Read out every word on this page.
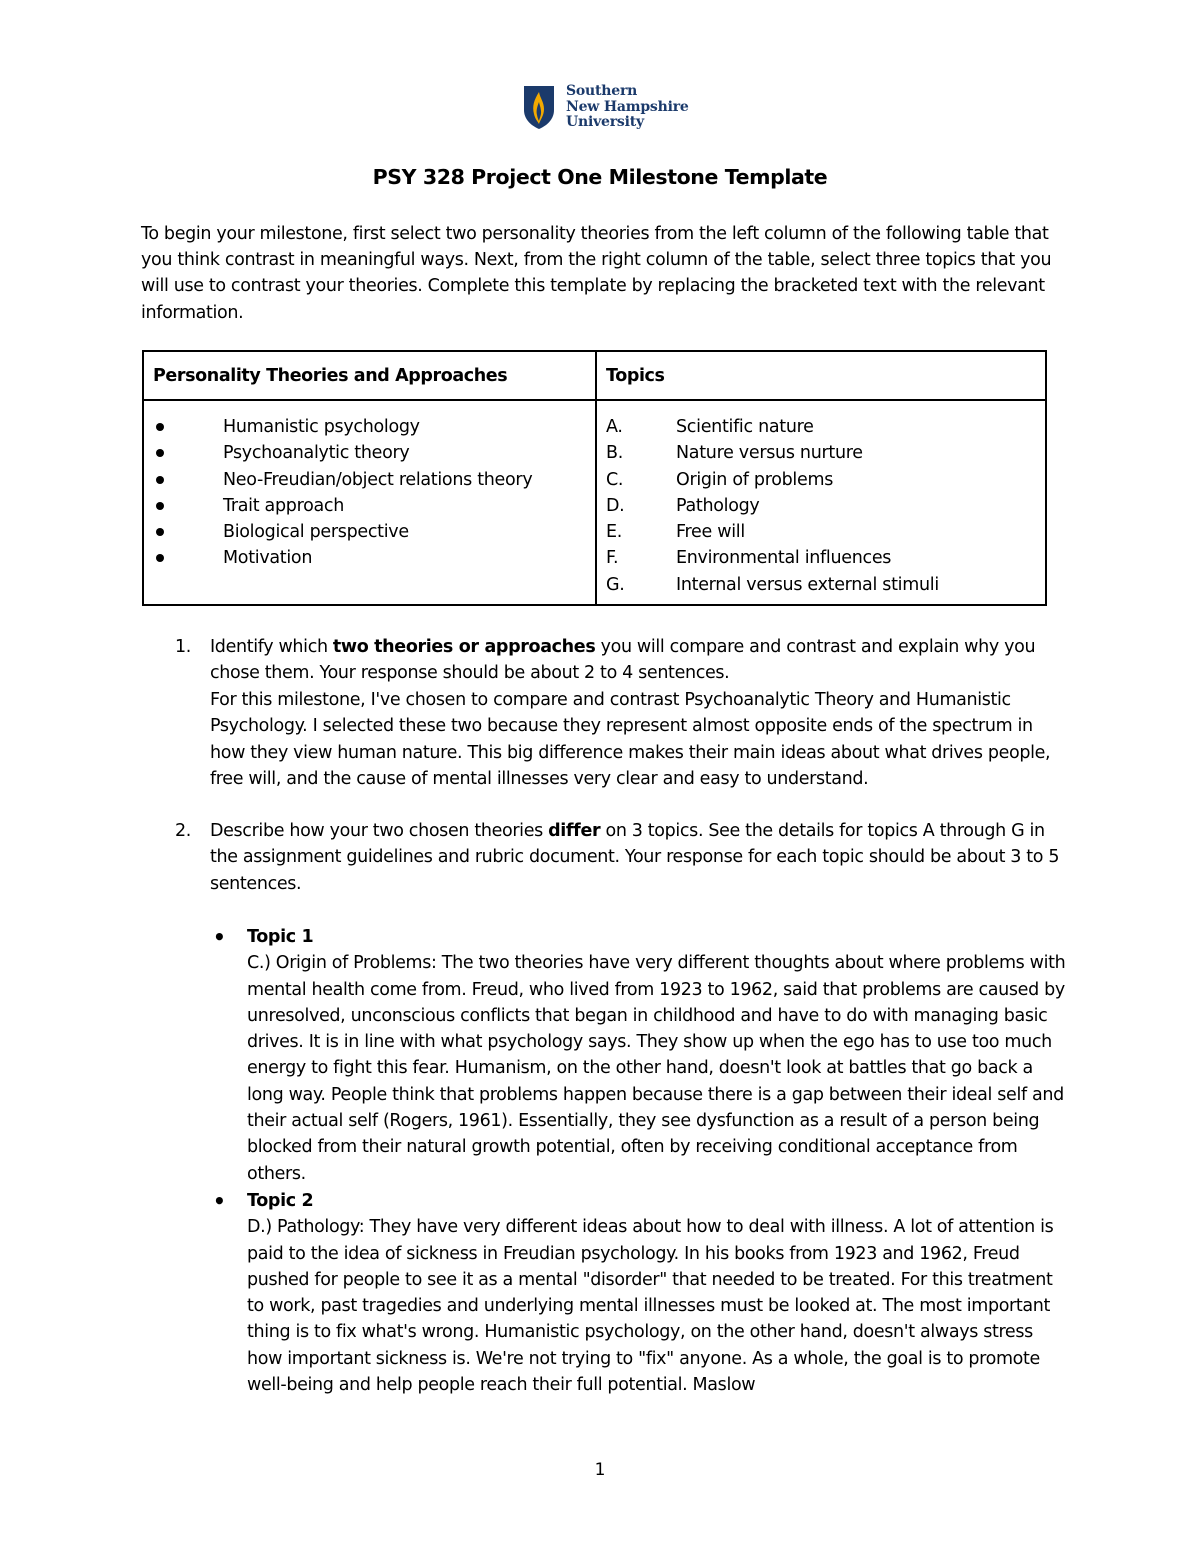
Southern
New Hampshire
University
PSY 328 Project One Milestone Template

To begin your milestone, first select two personality theories from the left column of the following table that you think contrast in meaningful ways. Next, from the right column of the table, select three topics that you will use to contrast your theories. Complete this template by replacing the bracketed text with the relevant information.

Personality Theories and Approaches	Topics
Humanistic psychology
Psychoanalytic theory
Neo-Freudian/object relations theory
Trait approach
Biological perspective
Motivation
A.	Scientific nature
B.	Nature versus nurture
C.	Origin of problems
D.	Pathology
E.	Free will
F.	Environmental influences
G.	Internal versus external stimuli
1. Identify which two theories or approaches you will compare and contrast and explain why you chose them. Your response should be about 2 to 4 sentences.

For this milestone, I've chosen to compare and contrast Psychoanalytic Theory and Humanistic Psychology. I selected these two because they represent almost opposite ends of the spectrum in how they view human nature. This big difference makes their main ideas about what drives people, free will, and the cause of mental illnesses very clear and easy to understand.

2. Describe how your two chosen theories differ on 3 topics. See the details for topics A through G in the assignment guidelines and rubric document. Your response for each topic should be about 3 to 5 sentences.

• Topic 1

C.) Origin of Problems: The two theories have very different thoughts about where problems with mental health come from. Freud, who lived from 1923 to 1962, said that problems are caused by unresolved, unconscious conflicts that began in childhood and have to do with managing basic drives. It is in line with what psychology says. They show up when the ego has to use too much energy to fight this fear. Humanism, on the other hand, doesn't look at battles that go back a long way. People think that problems happen because there is a gap between their ideal self and their actual self (Rogers, 1961). Essentially, they see dysfunction as a result of a person being blocked from their natural growth potential, often by receiving conditional acceptance from others.

• Topic 2

D.) Pathology: They have very different ideas about how to deal with illness. A lot of attention is paid to the idea of sickness in Freudian psychology. In his books from 1923 and 1962, Freud pushed for people to see it as a mental "disorder" that needed to be treated. For this treatment to work, past tragedies and underlying mental illnesses must be looked at. The most important thing is to fix what's wrong. Humanistic psychology, on the other hand, doesn't always stress how important sickness is. We're not trying to "fix" anyone. As a whole, the goal is to promote well-being and help people reach their full potential. Maslow

1
